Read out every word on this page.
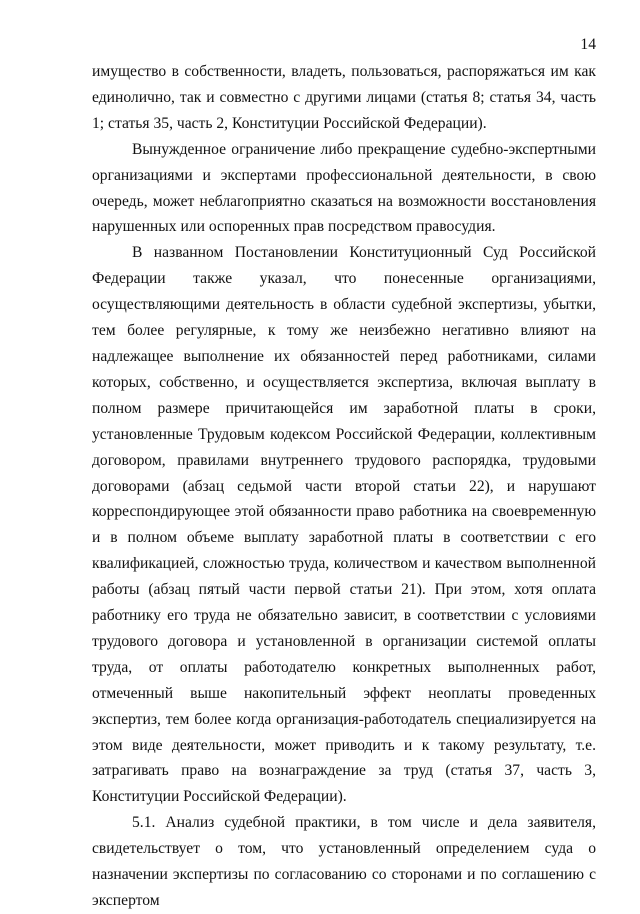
14

имущество в собственности, владеть, пользоваться, распоряжаться им как единолично, так и совместно с другими лицами (статья 8; статья 34, часть 1; статья 35, часть 2, Конституции Российской Федерации).

Вынужденное ограничение либо прекращение судебно-экспертными организациями и экспертами профессиональной деятельности, в свою очередь, может неблагоприятно сказаться на возможности восстановления нарушенных или оспоренных прав посредством правосудия.

В названном Постановлении Конституционный Суд Российской Федерации также указал, что понесенные организациями, осуществляющими деятельность в области судебной экспертизы, убытки, тем более регулярные, к тому же неизбежно негативно влияют на надлежащее выполнение их обязанностей перед работниками, силами которых, собственно, и осуществляется экспертиза, включая выплату в полном размере причитающейся им заработной платы в сроки, установленные Трудовым кодексом Российской Федерации, коллективным договором, правилами внутреннего трудового распорядка, трудовыми договорами (абзац седьмой части второй статьи 22), и нарушают корреспондирующее этой обязанности право работника на своевременную и в полном объеме выплату заработной платы в соответствии с его квалификацией, сложностью труда, количеством и качеством выполненной работы (абзац пятый части первой статьи 21). При этом, хотя оплата работнику его труда не обязательно зависит, в соответствии с условиями трудового договора и установленной в организации системой оплаты труда, от оплаты работодателю конкретных выполненных работ, отмеченный выше накопительный эффект неоплаты проведенных экспертиз, тем более когда организация-работодатель специализируется на этом виде деятельности, может приводить и к такому результату, т.е. затрагивать право на вознаграждение за труд (статья 37, часть 3, Конституции Российской Федерации).

5.1. Анализ судебной практики, в том числе и дела заявителя, свидетельствует о том, что установленный определением суда о назначении экспертизы по согласованию со сторонами и по соглашению с экспертом
